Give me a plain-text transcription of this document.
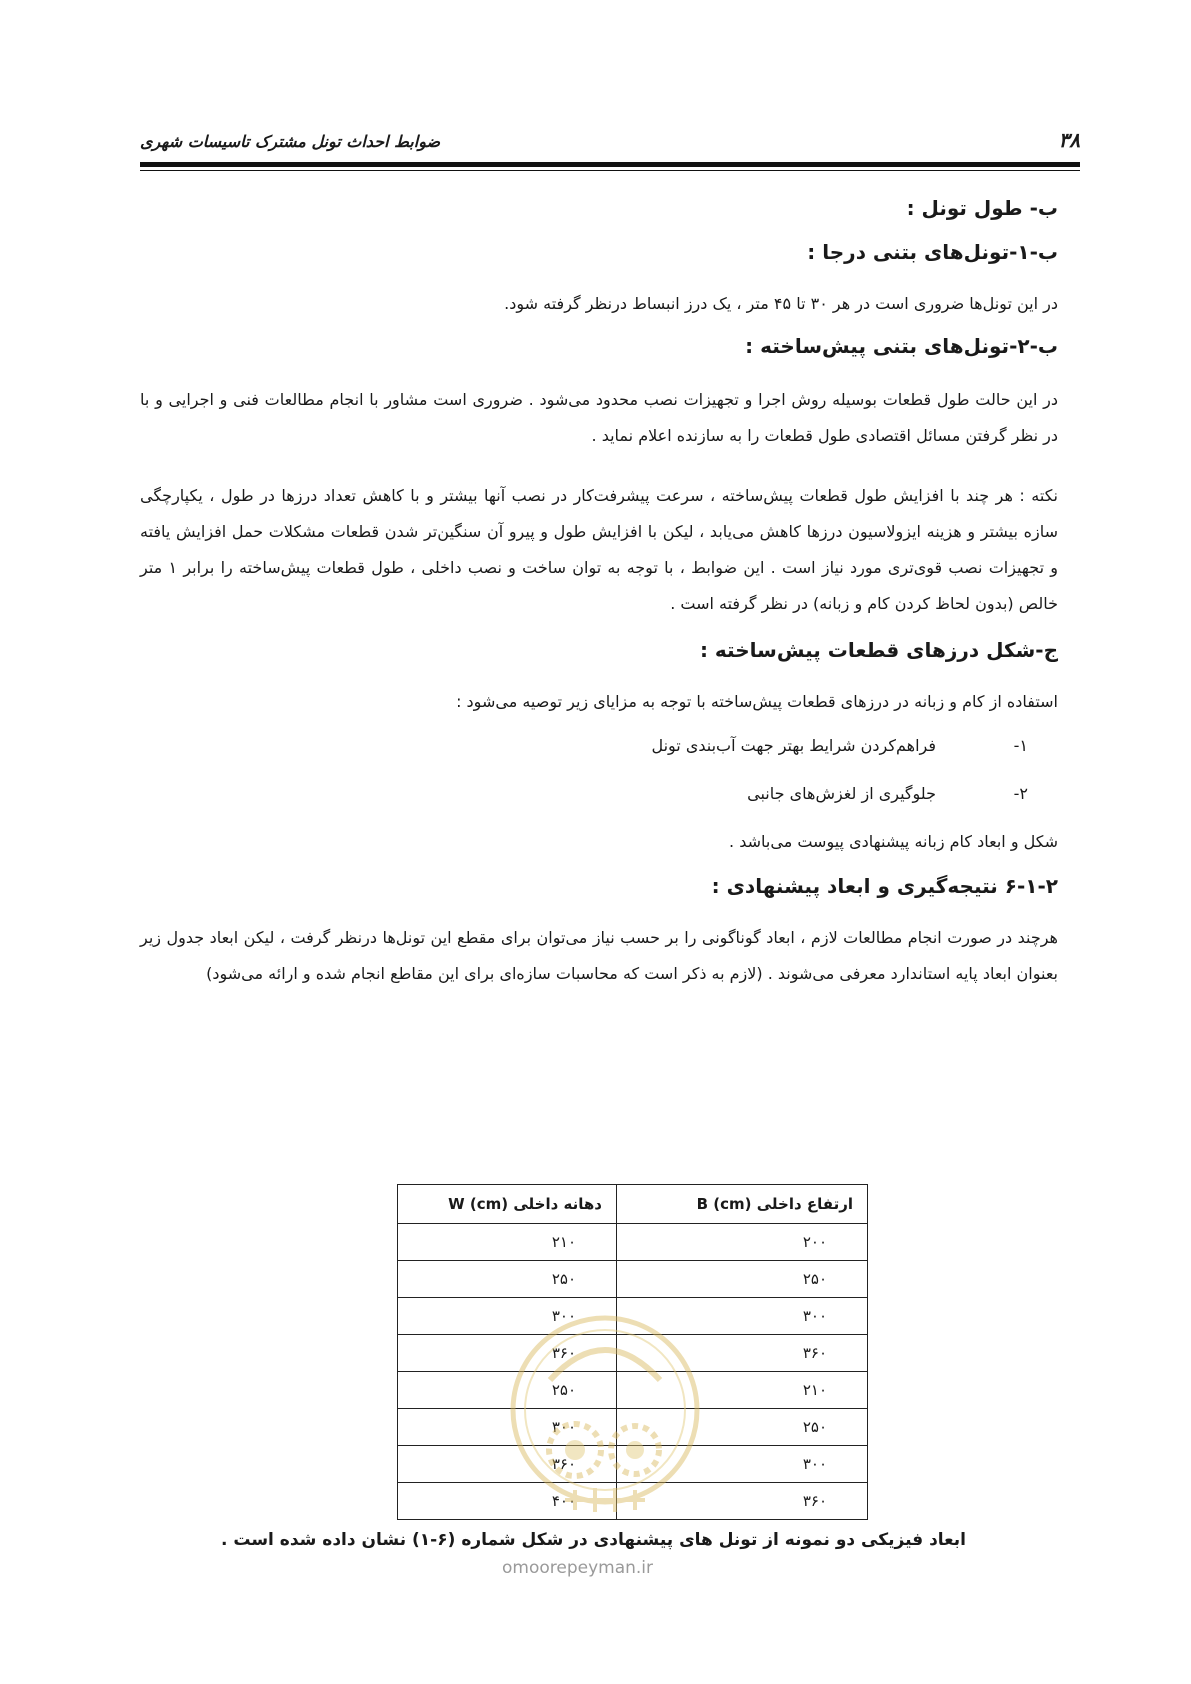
۳۸
ضوابط احداث تونل مشترک تاسیسات شهری
ب- طول تونل :
ب-۱-تونل‌های بتنی درجا :

در این تونل‌ها ضروری است در هر ۳۰ تا ۴۵ متر ، یک درز انبساط درنظر گرفته شود.

ب-۲-تونل‌های بتنی پیش‌ساخته :

در این حالت طول قطعات بوسیله روش اجرا و تجهیزات نصب محدود می‌شود . ضروری است مشاور با انجام مطالعات فنی و اجرایی و با در نظر گرفتن مسائل اقتصادی طول قطعات را به سازنده اعلام نماید .

نکته : هر چند با افزایش طول قطعات پیش‌ساخته ، سرعت پیشرفت‌کار در نصب آنها بیشتر و با کاهش تعداد درزها در طول ، یکپارچگی سازه بیشتر و هزینه ایزولاسیون درزها کاهش می‌یابد ، لیکن با افزایش طول و پیرو آن سنگین‌تر شدن قطعات مشکلات حمل افزایش یافته و تجهیزات نصب قوی‌تری مورد نیاز است . این ضوابط ، با توجه به توان ساخت و نصب داخلی ، طول قطعات پیش‌ساخته را برابر ۱ متر خالص (بدون لحاظ کردن کام و زبانه) در نظر گرفته است .

ج-شکل درزهای قطعات پیش‌ساخته :

استفاده از کام و زبانه در درزهای قطعات پیش‌ساخته با توجه به مزایای زیر توصیه می‌شود :

۱-
فراهم‌کردن شرایط بهتر جهت آب‌بندی تونل
۲-
جلوگیری از لغزش‌های جانبی

شکل و ابعاد کام زبانه پیشنهادی پیوست می‌باشد .

۶-۱-۲ نتیجه‌گیری و ابعاد پیشنهادی :

هرچند در صورت انجام مطالعات لازم ، ابعاد گوناگونی را بر حسب نیاز می‌توان برای مقطع این تونل‌ها درنظر گرفت ، لیکن ابعاد جدول زیر بعنوان ابعاد پایه استاندارد معرفی می‌شوند . (لازم به ذکر است که محاسبات سازه‌ای برای این مقاطع انجام شده و ارائه می‌شود)

ارتفاع داخلی B (cm)	دهانه داخلی W (cm)
۲۰۰	۲۱۰
۲۵۰	۲۵۰
۳۰۰	۳۰۰
۳۶۰	۳۶۰
۲۱۰	۲۵۰
۲۵۰	۳۰۰
۳۰۰	۳۶۰
۳۶۰	۴۰۰
omoorepeyman.ir
ابعاد فیزیکی دو نمونه از تونل های پیشنهادی در شکل شماره (۶-۱) نشان داده شده است .
